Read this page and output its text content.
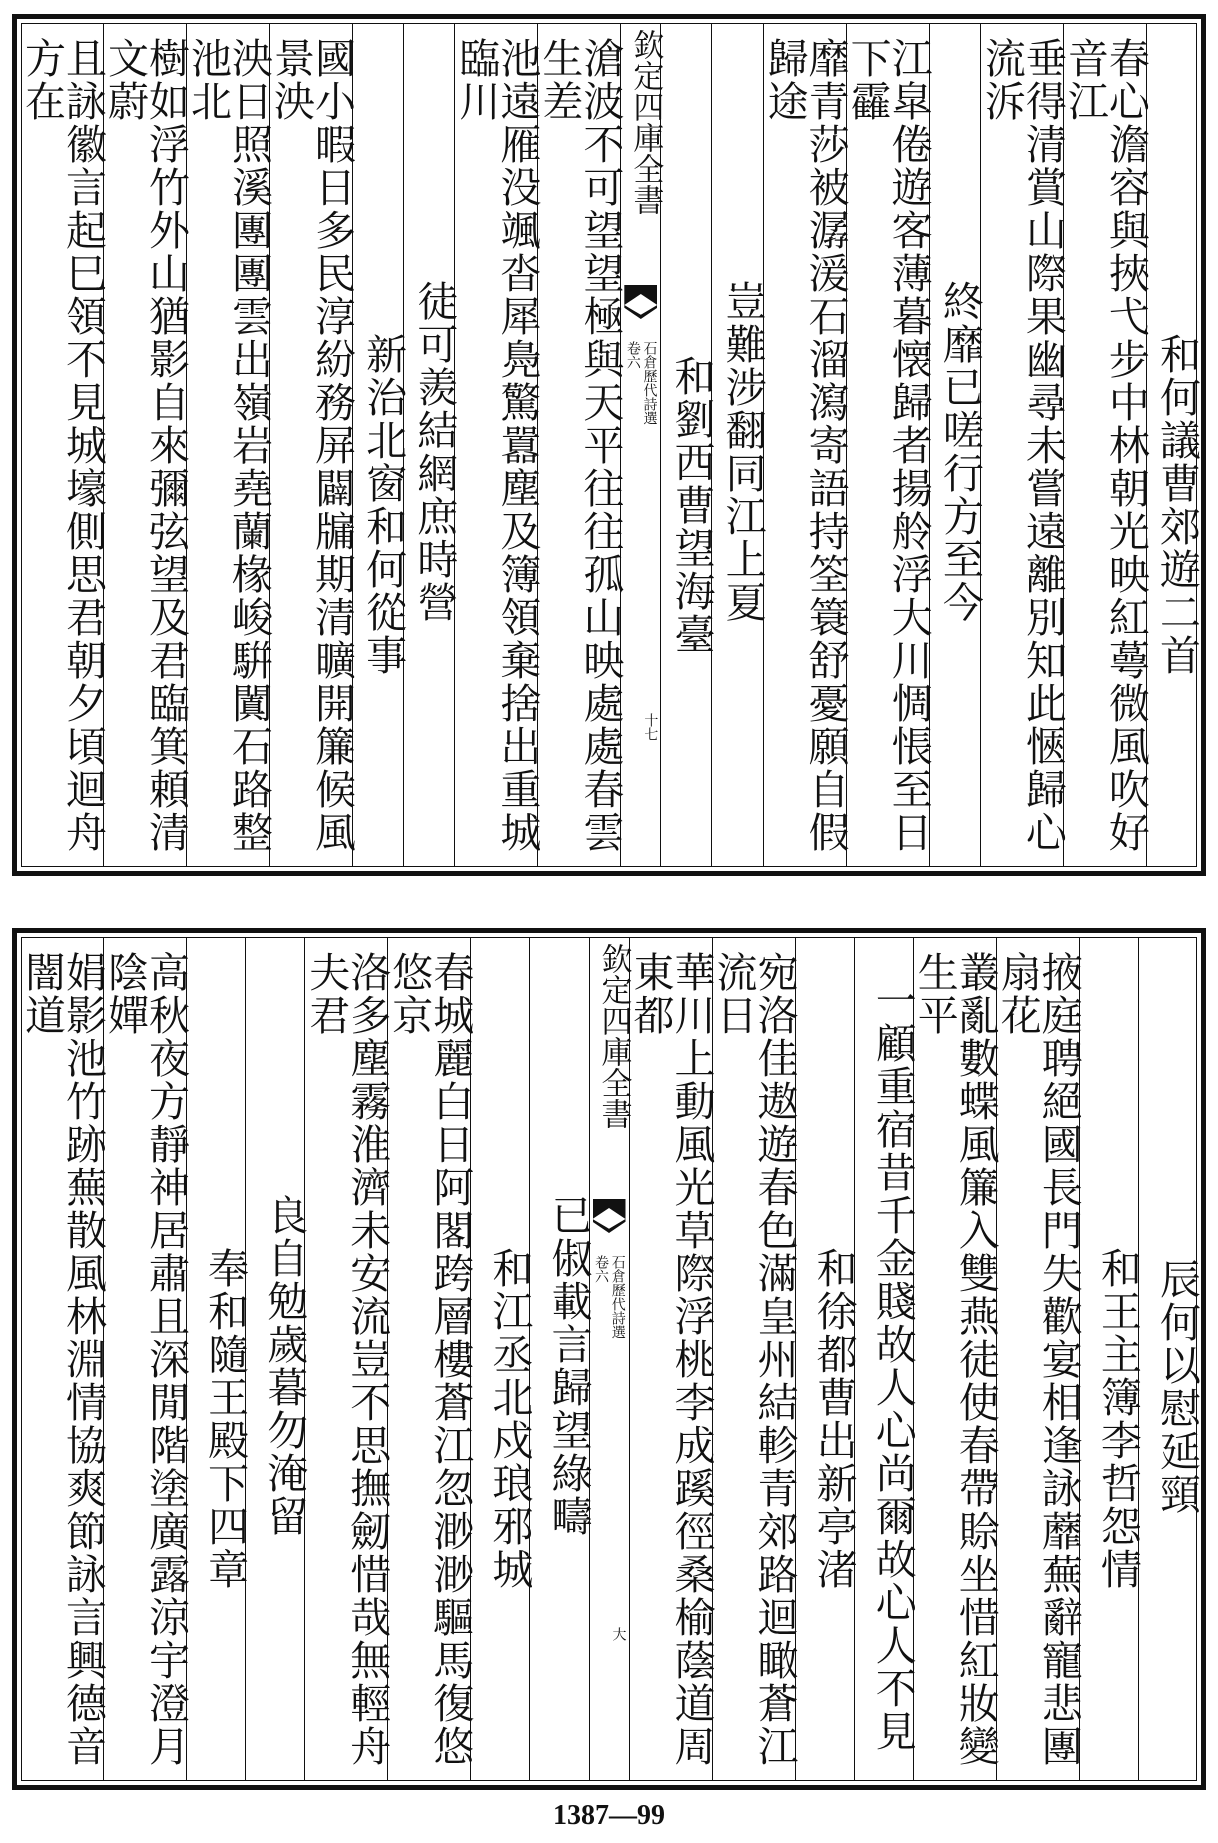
和何議曹郊遊二首
春心澹容與挾弋步中林朝光映紅蕚微風吹好音江
垂得清賞山際果幽尋未嘗遠離別知此愜歸心流泝
終靡已嗟行方至今
江皐倦遊客薄暮懐歸者揚舲浮大川惆悵至日下靃
靡青莎被潺湲石溜瀉寄語持筌簑舒憂願自假歸途
豈難涉翻同江上夏
和劉西曹望海臺
欽定四庫全書
石倉歷代詩選
卷六
十七
滄波不可望望極與天平往往孤山映處處春雲生差
池遠雁没颯沓犀鳧驚囂塵及簿領棄捨出重城臨川
徒可羨結網庶時營
新治北窗和何從事
國小暇日多民淳紛務屏闢牖期清曠開簾候風景泱
泱日照溪團團雲出嶺岩堯蘭椽峻騈闐石路整池北
樹如浮竹外山猶影自來彌弦望及君臨箕頼清文蔚
且詠徽言起巳領不見城壕側思君朝夕頃迴舟方在
辰何以慰延頸
和王主簿李哲怨情
掖庭聘絕國長門失歡宴相逢詠蘼蕪辭寵悲團扇花
叢亂數蝶風簾入雙燕徒使春帶賒坐惜紅妝變生平
一顧重宿昔千金賤故人心尚爾故心人不見
和徐都曹出新亭渚
宛洛佳遨遊春色滿皇州結軫青郊路迴瞰蒼江流日
華川上動風光草際浮桃李成蹊徑桑榆蔭道周東都
欽定四庫全書
石倉歷代詩選
卷六
大
已俶載言歸望綠疇
和江丞北戍琅邪城
春城麗白日阿閣跨層樓蒼江忽渺渺驅馬復悠悠京
洛多塵霧淮濟未安流豈不思撫劒惜哉無輕舟夫君
良自勉歲暮勿淹留
奉和隨王殿下四章
高秋夜方靜神居肅且深閒階塗廣露涼宇澄月陰嬋
娟影池竹跡蕪散風林淵情協爽節詠言興德音闇道
1387—99
